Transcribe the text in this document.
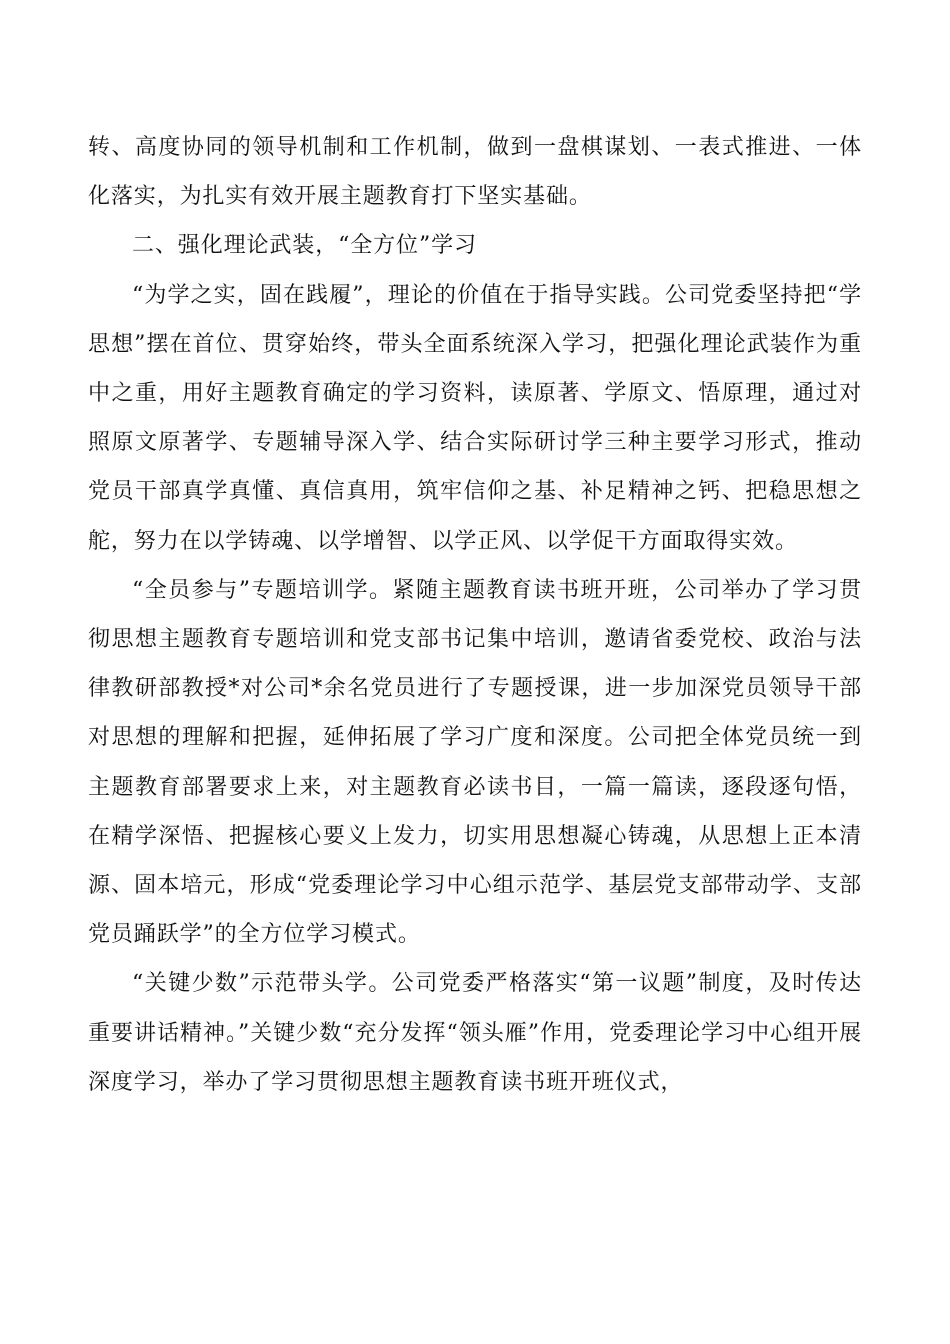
转、高度协同的领导机制和工作机制，做到一盘棋谋划、一表式推进、一体化落实，为扎实有效开展主题教育打下坚实基础。

二、强化理论武装，“全方位”学习

“为学之实，固在践履”，理论的价值在于指导实践。公司党委坚持把“学思想”摆在首位、贯穿始终，带头全面系统深入学习，把强化理论武装作为重中之重，用好主题教育确定的学习资料，读原著、学原文、悟原理，通过对照原文原著学、专题辅导深入学、结合实际研讨学三种主要学习形式，推动党员干部真学真懂、真信真用，筑牢信仰之基、补足精神之钙、把稳思想之舵，努力在以学铸魂、以学增智、以学正风、以学促干方面取得实效。

“全员参与”专题培训学。紧随主题教育读书班开班，公司举办了学习贯彻思想主题教育专题培训和党支部书记集中培训，邀请省委党校、政治与法律教研部教授*对公司*余名党员进行了专题授课，进一步加深党员领导干部对思想的理解和把握，延伸拓展了学习广度和深度。公司把全体党员统一到主题教育部署要求上来，对主题教育必读书目，一篇一篇读，逐段逐句悟，在精学深悟、把握核心要义上发力，切实用思想凝心铸魂，从思想上正本清源、固本培元，形成“党委理论学习中心组示范学、基层党支部带动学、支部党员踊跃学”的全方位学习模式。

“关键少数”示范带头学。公司党委严格落实“第一议题”制度，及时传达重要讲话精神。”关键少数“充分发挥“领头雁”作用，党委理论学习中心组开展深度学习，举办了学习贯彻思想主题教育读书班开班仪式，
